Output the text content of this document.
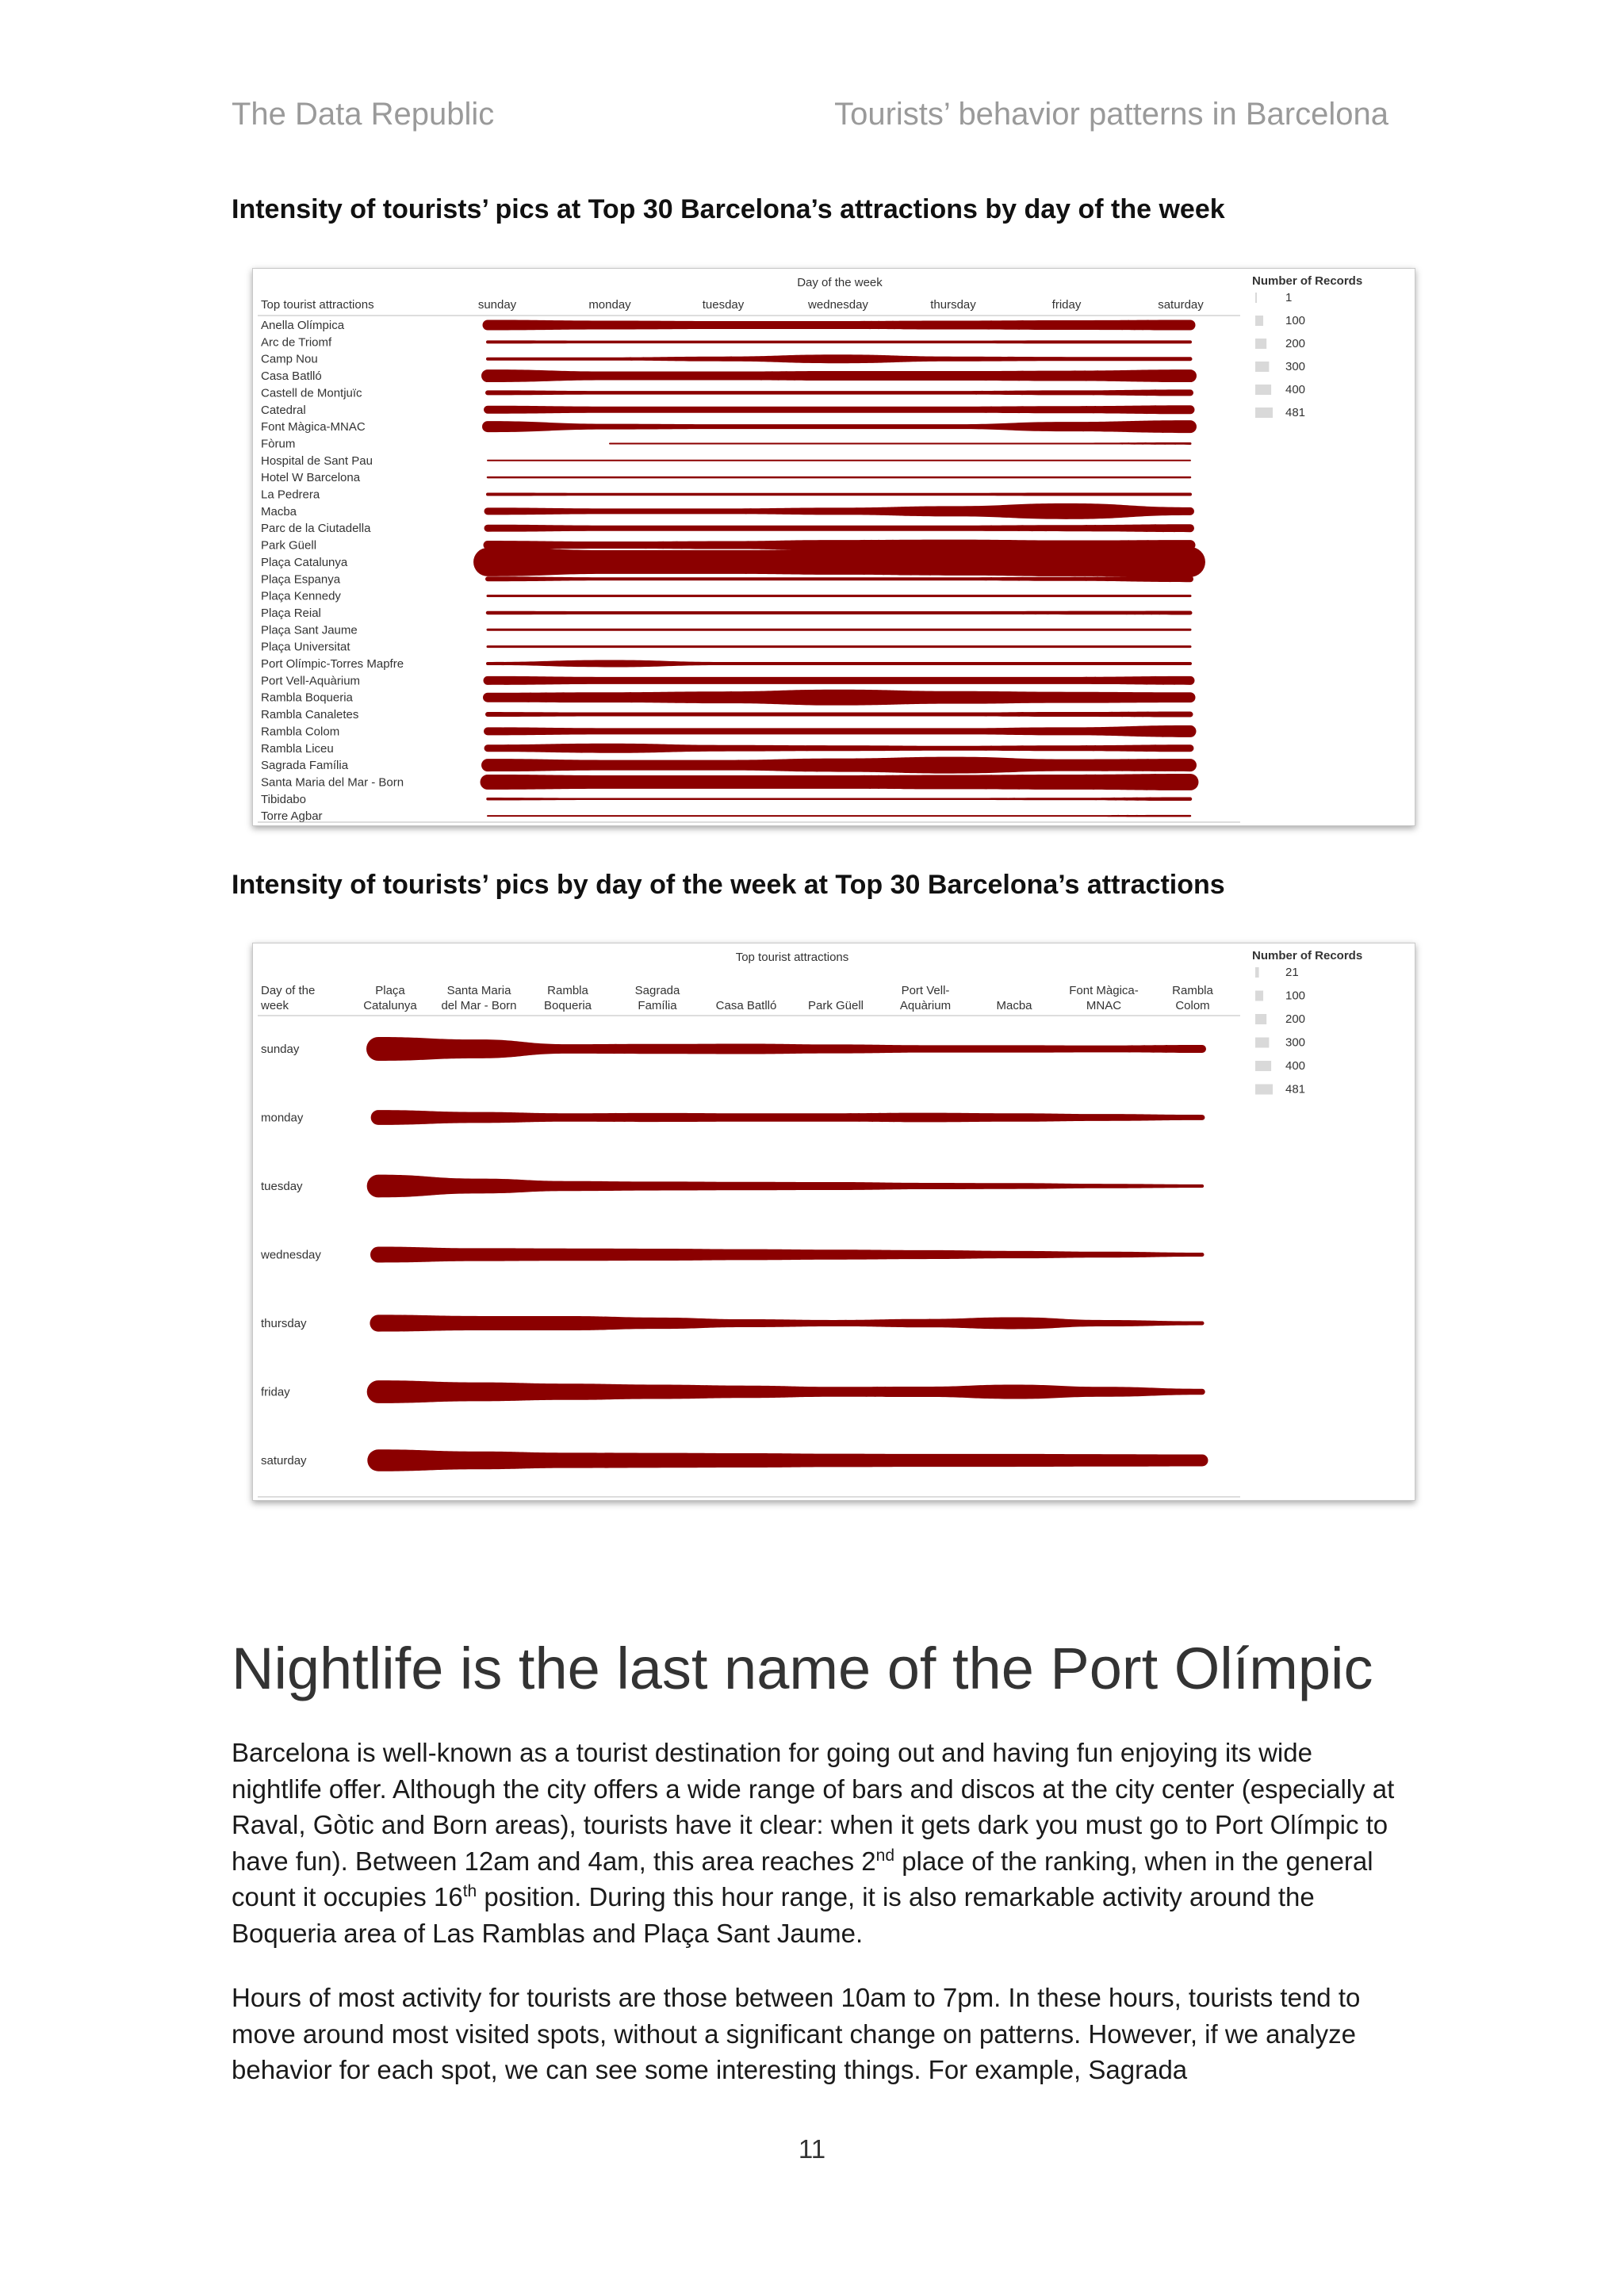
The Data Republic	Tourists’ behavior patterns in Barcelona
Intensity of tourists’ pics at Top 30 Barcelona’s attractions by day of the week
Day of the week
Top tourist attractions	sunday	monday	tuesday	wednesday	thursday	friday	saturday
Anella Olímpica
Arc de Triomf
Camp Nou
Casa Batlló
Castell de Montjuïc
Catedral
Font Màgica-MNAC
Fòrum
Hospital de Sant Pau
Hotel W Barcelona
La Pedrera
Macba
Parc de la Ciutadella
Park Güell
Plaça Catalunya
Plaça Espanya
Plaça Kennedy
Plaça Reial
Plaça Sant Jaume
Plaça Universitat
Port Olímpic-Torres Mapfre
Port Vell-Aquàrium
Rambla Boqueria
Rambla Canaletes
Rambla Colom
Rambla Liceu
Sagrada Família
Santa Maria del Mar - Born
Tibidabo
Torre Agbar
Number of Records
1
100
200
300
400
481
Intensity of tourists’ pics by day of the week at Top 30 Barcelona’s attractions
Top tourist attractions
Day of the
week
Plaça Catalunya
Santa Maria del Mar - Born
Rambla Boqueria
Sagrada Família	Casa Batlló	Park Güell
Port Vell-Aquàrium	Macba
Font Màgica-MNAC
Rambla Colom
sunday
monday
tuesday
wednesday
thursday
friday
saturday
Number of Records
21
100
200
300
400
481
Nightlife is the last name of the Port Olímpic

Barcelona is well-known as a tourist destination for going out and having fun enjoying its wide nightlife offer. Although the city offers a wide range of bars and discos at the city center (especially at Raval, Gòtic and Born areas), tourists have it clear: when it gets dark you must go to Port Olímpic to have fun). Between 12am and 4am, this area reaches 2nd place of the ranking, when in the general count it occupies 16th position. During this hour range, it is also remarkable activity around the Boqueria area of Las Ramblas and Plaça Sant Jaume.

Hours of most activity for tourists are those between 10am to 7pm. In these hours, tourists tend to move around most visited spots, without a significant change on patterns. However, if we analyze behavior for each spot, we can see some interesting things. For example, Sagrada

11
